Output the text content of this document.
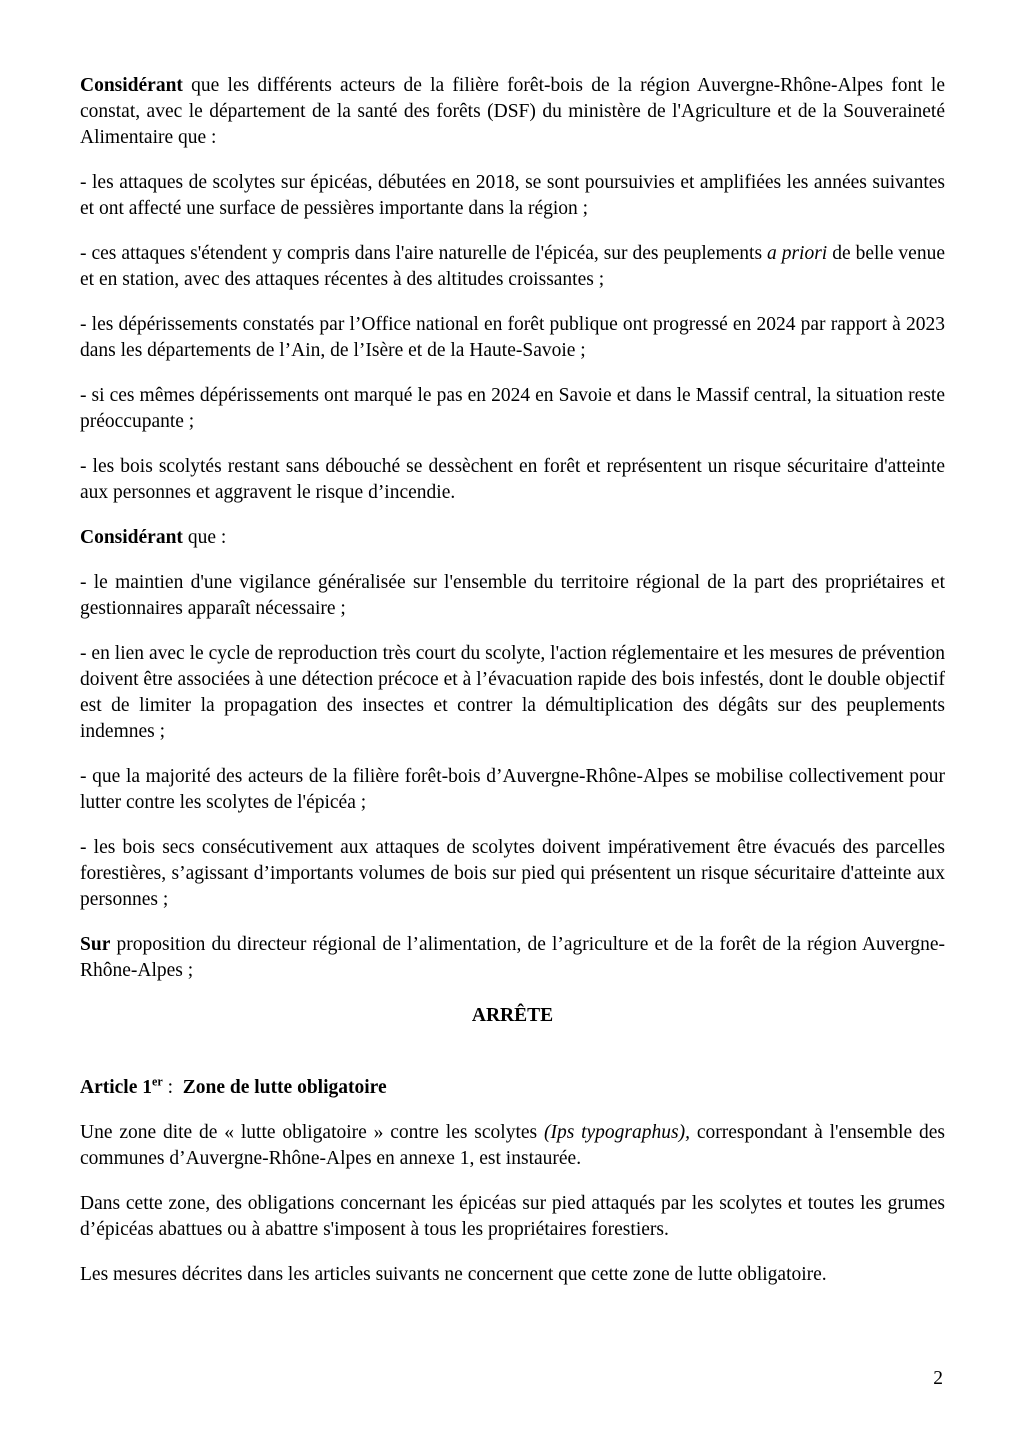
Considérant que les différents acteurs de la filière forêt-bois de la région Auvergne-Rhône-Alpes font le constat, avec le département de la santé des forêts (DSF) du ministère de l'Agriculture et de la Souveraineté Alimentaire que :

- les attaques de scolytes sur épicéas, débutées en 2018, se sont poursuivies et amplifiées les années suivantes et ont affecté une surface de pessières importante dans la région ;

- ces attaques s'étendent y compris dans l'aire naturelle de l'épicéa, sur des peuplements a priori de belle venue et en station, avec des attaques récentes à des altitudes croissantes ;

- les dépérissements constatés par l’Office national en forêt publique ont progressé en 2024 par rapport à 2023 dans les départements de l’Ain, de l’Isère et de la Haute-Savoie ;

- si ces mêmes dépérissements ont marqué le pas en 2024 en Savoie et dans le Massif central, la situation reste préoccupante ;

- les bois scolytés restant sans débouché se dessèchent en forêt et représentent un risque sécuritaire d'atteinte aux personnes et aggravent le risque d’incendie.

Considérant que :

- le maintien d'une vigilance généralisée sur l'ensemble du territoire régional de la part des propriétaires et gestionnaires apparaît nécessaire ;

- en lien avec le cycle de reproduction très court du scolyte, l'action réglementaire et les mesures de prévention doivent être associées à une détection précoce et à l’évacuation rapide des bois infestés, dont le double objectif est de limiter la propagation des insectes et contrer la démultiplication des dégâts sur des peuplements indemnes ;

- que la majorité des acteurs de la filière forêt-bois d’Auvergne-Rhône-Alpes se mobilise collectivement pour lutter contre les scolytes de l'épicéa ;

- les bois secs consécutivement aux attaques de scolytes doivent impérativement être évacués des parcelles forestières, s’agissant d’importants volumes de bois sur pied qui présentent un risque sécuritaire d'atteinte aux personnes ;

Sur proposition du directeur régional de l’alimentation, de l’agriculture et de la forêt de la région Auvergne-Rhône-Alpes ;

ARRÊTE

Article 1er :  Zone de lutte obligatoire

Une zone dite de « lutte obligatoire » contre les scolytes (Ips typographus), correspondant à l'ensemble des communes d’Auvergne-Rhône-Alpes en annexe 1, est instaurée.

Dans cette zone, des obligations concernant les épicéas sur pied attaqués par les scolytes et toutes les grumes d’épicéas abattues ou à abattre s'imposent à tous les propriétaires forestiers.

Les mesures décrites dans les articles suivants ne concernent que cette zone de lutte obligatoire.

2
